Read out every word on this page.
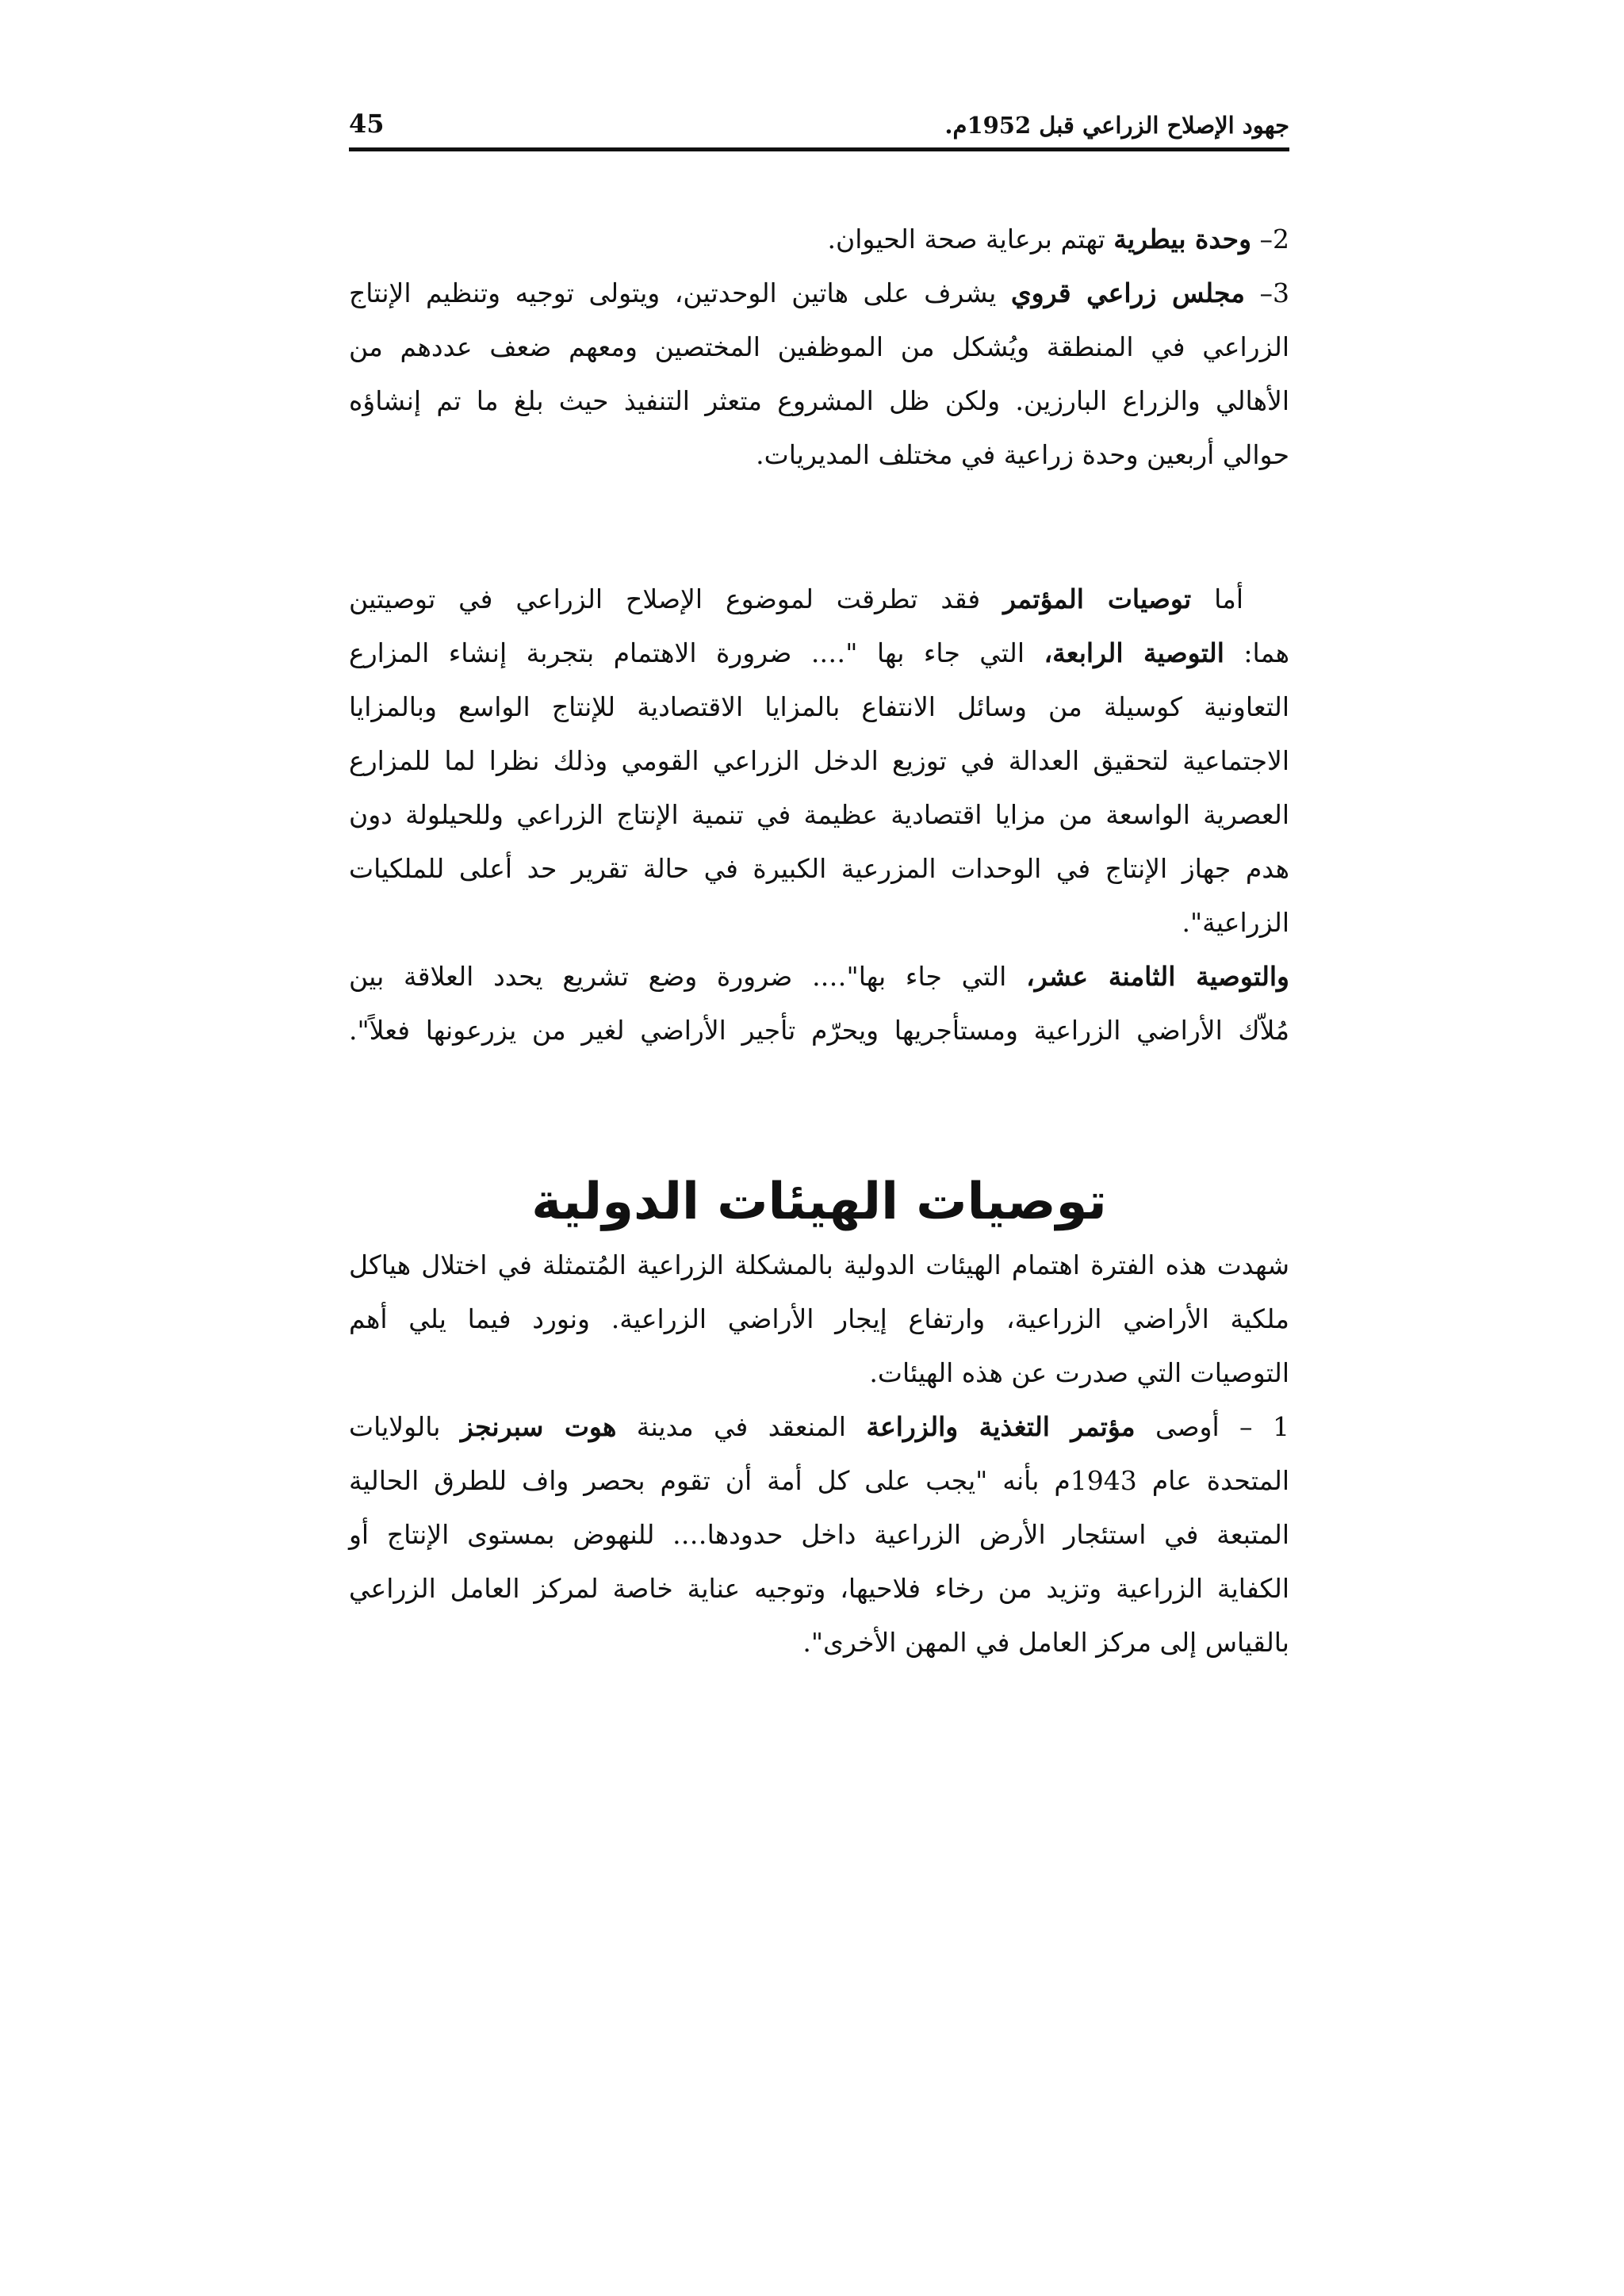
جهود الإصلاح الزراعي قبل 1952م.
45
2– وحدة بيطرية تهتم برعاية صحة الحيوان.
3– مجلس زراعي قروي يشرف على هاتين الوحدتين، ويتولى توجيه وتنظيم الإنتاج
الزراعي في المنطقة ويُشكل من الموظفين المختصين ومعهم ضعف عددهم من
الأهالي والزراع البارزين. ولكن ظل المشروع متعثر التنفيذ حيث بلغ ما تم إنشاؤه
حوالي أربعين وحدة زراعية في مختلف المديريات.
أما توصيات المؤتمر فقد تطرقت لموضوع الإصلاح الزراعي في توصيتين
هما: التوصية الرابعة، التي جاء بها "…. ضرورة الاهتمام بتجربة إنشاء المزارع
التعاونية كوسيلة من وسائل الانتفاع بالمزايا الاقتصادية للإنتاج الواسع وبالمزايا
الاجتماعية لتحقيق العدالة في توزيع الدخل الزراعي القومي وذلك نظرا لما للمزارع
العصرية الواسعة من مزايا اقتصادية عظيمة في تنمية الإنتاج الزراعي وللحيلولة دون
هدم جهاز الإنتاج في الوحدات المزرعية الكبيرة في حالة تقرير حد أعلى للملكيات
الزراعية".
والتوصية الثامنة عشر، التي جاء بها"…. ضرورة وضع تشريع يحدد العلاقة بين
مُلاّك الأراضي الزراعية ومستأجريها ويحرّم تأجير الأراضي لغير من يزرعونها فعلاً".
توصيات الهيئات الدولية
شهدت هذه الفترة اهتمام الهيئات الدولية بالمشكلة الزراعية المُتمثلة في اختلال هياكل
ملكية الأراضي الزراعية، وارتفاع إيجار الأراضي الزراعية. ونورد فيما يلي أهم
التوصيات التي صدرت عن هذه الهيئات.
1 – أوصى مؤتمر التغذية والزراعة المنعقد في مدينة هوت سبرنجز بالولايات
المتحدة عام 1943م بأنه "يجب على كل أمة أن تقوم بحصر واف للطرق الحالية
المتبعة في استئجار الأرض الزراعية داخل حدودها…. للنهوض بمستوى الإنتاج أو
الكفاية الزراعية وتزيد من رخاء فلاحيها، وتوجيه عناية خاصة لمركز العامل الزراعي
بالقياس إلى مركز العامل في المهن الأخرى".
